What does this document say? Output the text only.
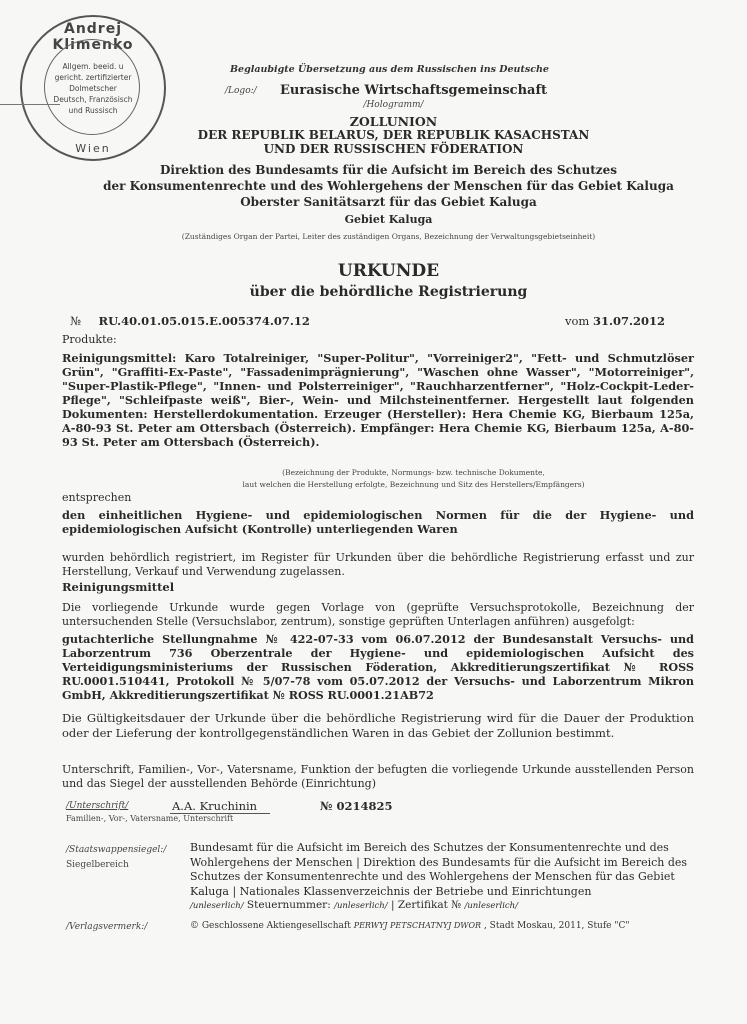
Andrej Klimenko
Allgem. beeid. u
gericht. zertifizierter
Dolmetscher
Deutsch, Französisch
und Russisch
Wien
Beglaubigte Übersetzung aus dem Russischen ins Deutsche
/Logo:/ Eurasische Wirtschaftsgemeinschaft
/Hologramm/
ZOLLUNION
DER REPUBLIK BELARUS, DER REPUBLIK KASACHSTAN
UND DER RUSSISCHEN FÖDERATION
Direktion des Bundesamts für die Aufsicht im Bereich des Schutzes
der Konsumentenrechte und des Wohlergehens der Menschen für das Gebiet Kaluga
Oberster Sanitätsarzt für das Gebiet Kaluga
Gebiet Kaluga
(Zuständiges Organ der Partei, Leiter des zuständigen Organs, Bezeichnung der Verwaltungsgebietseinheit)
URKUNDE
über die behördliche Registrierung
№ RU.40.01.05.015.E.005374.07.12	vom 31.07.2012
Produkte:
Reinigungsmittel: Karo Totalreiniger, "Super-Politur", "Vorreiniger2", "Fett- und Schmutzlöser Grün", "Graffiti-Ex-Paste", "Fassadenimprägnierung", "Waschen ohne Wasser", "Motorreiniger", "Super-Plastik-Pflege", "Innen- und Polsterreiniger", "Rauchharzentferner", "Holz-Cockpit-Leder-Pflege", "Schleifpaste weiß", Bier-, Wein- und Milchsteinentferner. Hergestellt laut folgenden Dokumenten: Herstellerdokumentation. Erzeuger (Hersteller): Hera Chemie KG, Bierbaum 125a, A-80-93 St. Peter am Ottersbach (Österreich). Empfänger: Hera Chemie KG, Bierbaum 125a, A-80-93 St. Peter am Ottersbach (Österreich).
(Bezeichnung der Produkte, Normungs- bzw. technische Dokumente,
laut welchen die Herstellung erfolgte, Bezeichnung und Sitz des Herstellers/Empfängers)
entsprechen
den einheitlichen Hygiene- und epidemiologischen Normen für die der Hygiene- und epidemiologischen Aufsicht (Kontrolle) unterliegenden Waren
wurden behördlich registriert, im Register für Urkunden über die behördliche Registrierung erfasst und zur Herstellung, Verkauf und Verwendung zugelassen.
Reinigungsmittel
Die vorliegende Urkunde wurde gegen Vorlage von (geprüfte Versuchsprotokolle, Bezeichnung der untersuchenden Stelle (Versuchslabor, zentrum), sonstige geprüften Unterlagen anführen) ausgefolgt:
gutachterliche Stellungnahme № 422-07-33 vom 06.07.2012 der Bundesanstalt Versuchs- und Laborzentrum 736 Oberzentrale der Hygiene- und epidemiologischen Aufsicht des Verteidigungsministeriums der Russischen Föderation, Akkreditierungszertifikat № ROSS RU.0001.510441, Protokoll № 5/07-78 vom 05.07.2012 der Versuchs- und Laborzentrum Mikron GmbH, Akkreditierungszertifikat № ROSS RU.0001.21AB72
Die Gültigkeitsdauer der Urkunde über die behördliche Registrierung wird für die Dauer der Produktion oder der Lieferung der kontrollgegenständlichen Waren in das Gebiet der Zollunion bestimmt.
Unterschrift, Familien-, Vor-, Vatersname, Funktion der befugten die vorliegende Urkunde ausstellenden Person und das Siegel der ausstellenden Behörde (Einrichtung)
/Unterschrift/	A.A. Kruchinin	№ 0214825
Familien-, Vor-, Vatersname, Unterschrift
/Staatswappensiegel:/
Siegelbereich
Bundesamt für die Aufsicht im Bereich des Schutzes der Konsumentenrechte und des Wohlergehens der Menschen | Direktion des Bundesamts für die Aufsicht im Bereich des Schutzes der Konsumentenrechte und des Wohlergehens der Menschen für das Gebiet Kaluga | Nationales Klassenverzeichnis der Betriebe und Einrichtungen
/unleserlich/ Steuernummer: /unleserlich/ | Zertifikat № /unleserlich/
/Verlagsvermerk:/	© Geschlossene Aktiengesellschaft PERWYJ PETSCHATNYJ DWOR , Stadt Moskau, 2011, Stufe "C"
